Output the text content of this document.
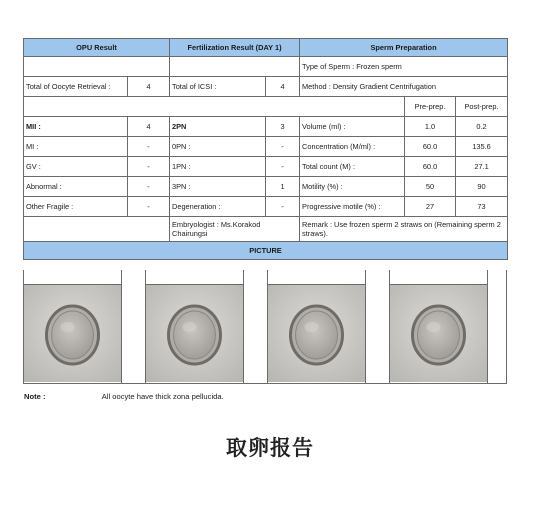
OPU Result		Fertilization Result (DAY 1)		Sperm Preparation		
				Type of Sperm : Frozen sperm		
Total of Oocyte Retrieval :	4	Total of ICSI :	4	Method : Density Gradient Centrifugation		
					Pre-prep.	Post-prep.
MII :	4	2PN	3	Volume (ml) :	1.0	0.2
MI :	-	0PN :	-	Concentration (M/ml) :	60.0	135.6
GV :	-	1PN :	-	Total count (M) :	60.0	27.1
Abnormal :	-	3PN :	1	Motility (%) :	50	90
Other Fragile :	-	Degeneration :	-	Progressive motile (%) :	27	73
		Embryologist : Ms.Korakod Chairungsi		Remark : Use frozen sperm 2 straws on (Remaining sperm 2 straws).		
PICTURE						
Note :	All oocyte have thick zona pellucida.
取卵报告
